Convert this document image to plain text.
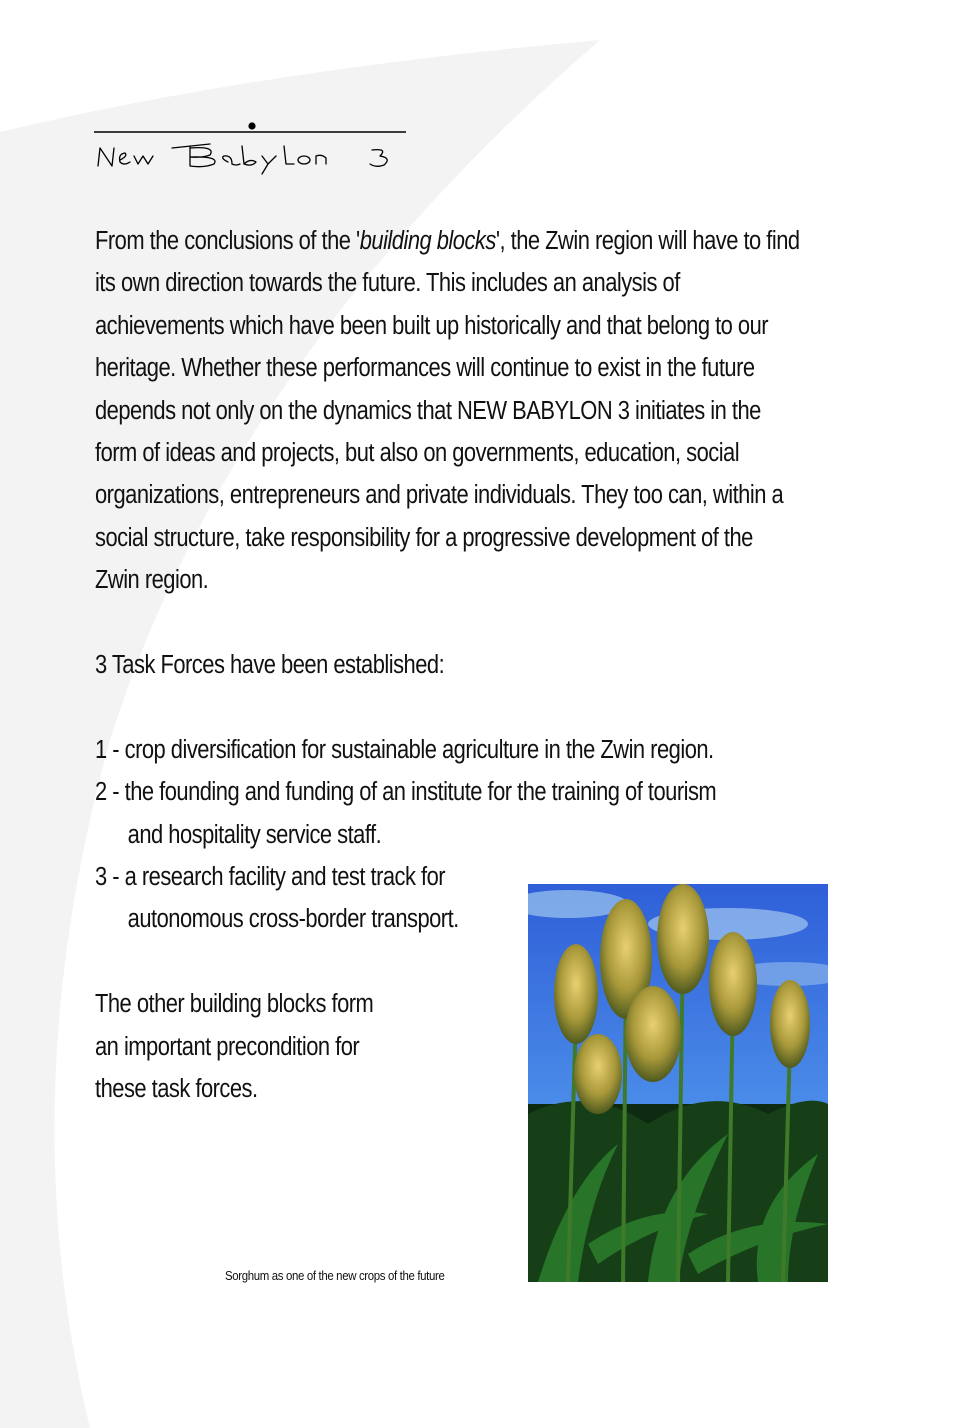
From the conclusions of the 'building blocks', the Zwin region will have to find its own direction towards the future. This includes an analysis of achievements which have been built up historically and that belong to our heritage. Whether these performances will continue to exist in the future depends not only on the dynamics that NEW BABYLON 3 initiates in the form of ideas and projects, but also on governments, education, social organizations, entrepreneurs and private individuals. They too can, within a social structure, take responsibility for a progressive development of the Zwin region.

3 Task Forces have been established:

1 - crop diversification for sustainable agriculture in the Zwin region.

2 - the founding and funding of an institute for the training of tourism

and hospitality service staff.

3 - a research facility and test track for

autonomous cross-border transport.

The other building blocks form

an important precondition for

these task forces.

Sorghum as one of the new crops of the future
